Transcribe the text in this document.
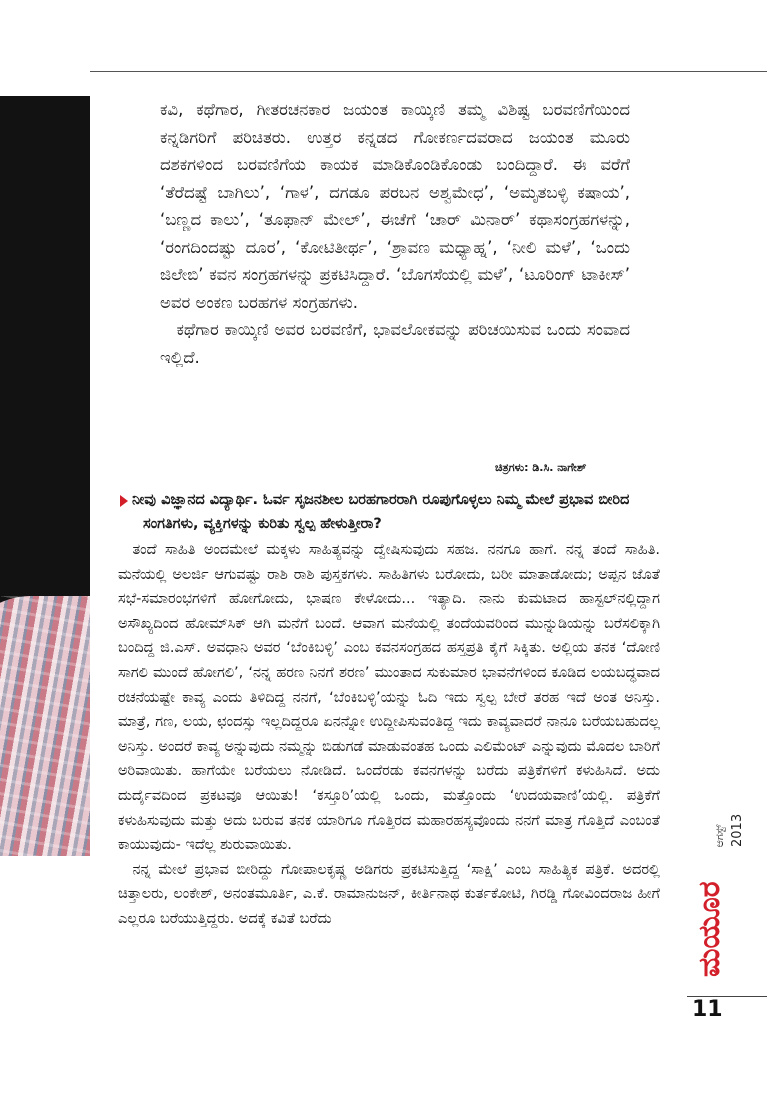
ಕವಿ, ಕಥೆಗಾರ, ಗೀತರಚನಕಾರ ಜಯಂತ ಕಾಯ್ಕಿಣಿ ತಮ್ಮ ವಿಶಿಷ್ಟ ಬರವಣಿಗೆಯಿಂದ ಕನ್ನಡಿಗರಿಗೆ ಪರಿಚಿತರು. ಉತ್ತರ ಕನ್ನಡದ ಗೋಕರ್ಣದವರಾದ ಜಯಂತ ಮೂರು ದಶಕಗಳಿಂದ ಬರವಣಿಗೆಯ ಕಾಯಕ ಮಾಡಿಕೊಂಡಿಕೊಂಡು ಬಂದಿದ್ದಾರೆ. ಈ ವರೆಗೆ ‘ತೆರೆದಷ್ಟೆ ಬಾಗಿಲು’, ‘ಗಾಳ’, ದಗಡೂ ಪರಬನ ಅಶ್ವಮೇಧ’, ‘ಅಮೃತಬಳ್ಳಿ ಕಷಾಯ’, ‘ಬಣ್ಣದ ಕಾಲು’, ‘ತೂಫಾನ್ ಮೇಲ್’, ಈಚೆಗೆ ‘ಚಾರ್ ಮಿನಾರ್’ ಕಥಾಸಂಗ್ರಹಗಳನ್ನು, ‘ರಂಗದಿಂದಷ್ಟು ದೂರ’, ‘ಕೋಟಿತೀರ್ಥ’, ‘ಶ್ರಾವಣ ಮಧ್ಯಾಹ್ನ’, ‘ನೀಲಿ ಮಳೆ’, ‘ಒಂದು ಜಿಲೇಬಿ’ ಕವನ ಸಂಗ್ರಹಗಳನ್ನು ಪ್ರಕಟಿಸಿದ್ದಾರೆ. ‘ಬೊಗಸೆಯಲ್ಲಿ ಮಳೆ’, ‘ಟೂರಿಂಗ್ ಟಾಕೀಸ್’ ಅವರ ಅಂಕಣ ಬರಹಗಳ ಸಂಗ್ರಹಗಳು.

ಕಥೆಗಾರ ಕಾಯ್ಕಿಣಿ ಅವರ ಬರವಣಿಗೆ, ಭಾವಲೋಕವನ್ನು ಪರಿಚಯಿಸುವ ಒಂದು ಸಂವಾದ ಇಲ್ಲಿದೆ.

ಚಿತ್ರಗಳು: ಡಿ.ಸಿ. ನಾಗೇಶ್

ನೀವು ವಿಜ್ಞಾನದ ವಿದ್ಯಾರ್ಥಿ. ಓರ್ವ ಸೃಜನಶೀಲ ಬರಹಗಾರರಾಗಿ ರೂಪುಗೊಳ್ಳಲು ನಿಮ್ಮ ಮೇಲೆ ಪ್ರಭಾವ ಬೀರಿದ ಸಂಗತಿಗಳು, ವ್ಯಕ್ತಿಗಳನ್ನು ಕುರಿತು ಸ್ವಲ್ಪ ಹೇಳುತ್ತೀರಾ?

ತಂದೆ ಸಾಹಿತಿ ಅಂದಮೇಲೆ ಮಕ್ಕಳು ಸಾಹಿತ್ಯವನ್ನು ದ್ವೇಷಿಸುವುದು ಸಹಜ. ನನಗೂ ಹಾಗೆ. ನನ್ನ ತಂದೆ ಸಾಹಿತಿ. ಮನೆಯಲ್ಲಿ ಅಲರ್ಜಿ ಆಗುವಷ್ಟು ರಾಶಿ ರಾಶಿ ಪುಸ್ತಕಗಳು. ಸಾಹಿತಿಗಳು ಬರೋದು, ಬರೀ ಮಾತಾಡೋದು; ಅಪ್ಪನ ಜೊತೆ ಸಭೆ-ಸಮಾರಂಭಗಳಿಗೆ ಹೋಗೋದು, ಭಾಷಣ ಕೇಳೋದು... ಇತ್ಯಾದಿ. ನಾನು ಕುಮಟಾದ ಹಾಸ್ಟಲ್‌ನಲ್ಲಿದ್ದಾಗ ಅಸೌಖ್ಯದಿಂದ ಹೋಮ್‌ಸಿಕ್ ಆಗಿ ಮನೆಗೆ ಬಂದೆ. ಆವಾಗ ಮನೆಯಲ್ಲಿ ತಂದೆಯವರಿಂದ ಮುನ್ನುಡಿಯನ್ನು ಬರೆಸಲಿಕ್ಕಾಗಿ ಬಂದಿದ್ದ ಜಿ.ಎಸ್. ಅವಧಾನಿ ಅವರ ‘ಬೆಂಕಿಬಳ್ಳಿ’ ಎಂಬ ಕವನಸಂಗ್ರಹದ ಹಸ್ತಪ್ರತಿ ಕೈಗೆ ಸಿಕ್ಕಿತು. ಅಲ್ಲಿಯ ತನಕ ‘ದೋಣಿ ಸಾಗಲಿ ಮುಂದೆ ಹೋಗಲಿ’, ‘ನನ್ನ ಹರಣ ನಿನಗೆ ಶರಣ’ ಮುಂತಾದ ಸುಕುಮಾರ ಭಾವನೆಗಳಿಂದ ಕೂಡಿದ ಲಯಬದ್ಧವಾದ ರಚನೆಯಷ್ಟೇ ಕಾವ್ಯ ಎಂದು ತಿಳಿದಿದ್ದ ನನಗೆ, ‘ಬೆಂಕಿಬಳ್ಳಿ’ಯನ್ನು ಓದಿ ಇದು ಸ್ವಲ್ಪ ಬೇರೆ ತರಹ ಇದೆ ಅಂತ ಅನಿಸ್ತು. ಮಾತ್ರೆ, ಗಣ, ಲಯ, ಛಂದಸ್ಸು ಇಲ್ಲದಿದ್ದರೂ ಏನನ್ನೋ ಉದ್ದೀಪಿಸುವಂತಿದ್ದ ಇದು ಕಾವ್ಯವಾದರೆ ನಾನೂ ಬರೆಯಬಹುದಲ್ಲ ಅನಿಸ್ತು. ಅಂದರೆ ಕಾವ್ಯ ಅನ್ನುವುದು ನಮ್ಮನ್ನು ಬಿಡುಗಡೆ ಮಾಡುವಂತಹ ಒಂದು ಎಲಿಮೆಂಟ್ ಎನ್ನುವುದು ಮೊದಲ ಬಾರಿಗೆ ಅರಿವಾಯಿತು. ಹಾಗೆಯೇ ಬರೆಯಲು ನೋಡಿದೆ. ಒಂದೆರಡು ಕವನಗಳನ್ನು ಬರೆದು ಪತ್ರಿಕೆಗಳಿಗೆ ಕಳುಹಿಸಿದೆ. ಅದು ದುರ್ದೈವದಿಂದ ಪ್ರಕಟವೂ ಆಯಿತು! ‘ಕಸ್ತೂರಿ’ಯಲ್ಲಿ ಒಂದು, ಮತ್ತೊಂದು ‘ಉದಯವಾಣಿ’ಯಲ್ಲಿ. ಪತ್ರಿಕೆಗೆ ಕಳುಹಿಸುವುದು ಮತ್ತು ಅದು ಬರುವ ತನಕ ಯಾರಿಗೂ ಗೊತ್ತಿರದ ಮಹಾರಹಸ್ಯವೊಂದು ನನಗೆ ಮಾತ್ರ ಗೊತ್ತಿದೆ ಎಂಬಂತೆ ಕಾಯುವುದು- ಇದೆಲ್ಲ ಶುರುವಾಯಿತು.

ನನ್ನ ಮೇಲೆ ಪ್ರಭಾವ ಬೀರಿದ್ದು ಗೋಪಾಲಕೃಷ್ಣ ಅಡಿಗರು ಪ್ರಕಟಿಸುತ್ತಿದ್ದ ‘ಸಾಕ್ಷಿ’ ಎಂಬ ಸಾಹಿತ್ಯಿಕ ಪತ್ರಿಕೆ. ಅದರಲ್ಲಿ ಚಿತ್ತಾಲರು, ಲಂಕೇಶ್, ಅನಂತಮೂರ್ತಿ, ಎ.ಕೆ. ರಾಮಾನುಜನ್, ಕೀರ್ತಿನಾಥ ಕುರ್ತಕೋಟಿ, ಗಿರಡ್ಡಿ ಗೋವಿಂದರಾಜ ಹೀಗೆ ಎಲ್ಲರೂ ಬರೆಯುತ್ತಿದ್ದರು. ಅದಕ್ಕೆ ಕವಿತೆ ಬರೆದು

2013
ಆಗಸ್ಟ್
ಮಯೂರ
11
